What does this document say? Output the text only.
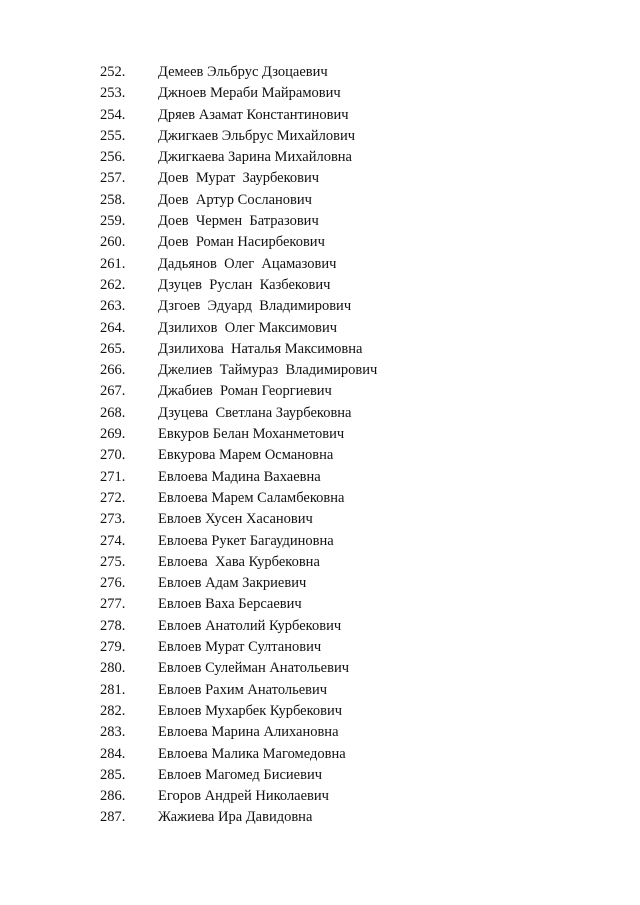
252.	Демеев Эльбрус Дзоцаевич
253.	Джноев Мераби Майрамович
254.	Дряев Азамат Константинович
255.	Джигкаев Эльбрус Михайлович
256.	Джигкаева Зарина Михайловна
257.	Доев  Мурат  Заурбекович
258.	Доев  Артур Сосланович
259.	Доев  Чермен  Батразович
260.	Доев  Роман Насирбекович
261.	Дадьянов  Олег  Ацамазович
262.	Дзуцев  Руслан  Казбекович
263.	Дзгоев  Эдуард  Владимирович
264.	Дзилихов  Олег Максимович
265.	Дзилихова  Наталья Максимовна
266.	Джелиев  Таймураз  Владимирович
267.	Джабиев  Роман Георгиевич
268.	Дзуцева  Светлана Заурбековна
269.	Евкуров Белан Моханметович
270.	Евкурова Марем Османовна
271.	Евлоева Мадина Вахаевна
272.	Евлоева Марем Саламбековна
273.	Евлоев Хусен Хасанович
274.	Евлоева Рукет Багаудиновна
275.	Евлоева  Хава Курбековна
276.	Евлоев Адам Закриевич
277.	Евлоев Ваха Берсаевич
278.	Евлоев Анатолий Курбекович
279.	Евлоев Мурат Султанович
280.	Евлоев Сулейман Анатольевич
281.	Евлоев Рахим Анатольевич
282.	Евлоев Мухарбек Курбекович
283.	Евлоева Марина Алихановна
284.	Евлоева Малика Магомедовна
285.	Евлоев Магомед Бисиевич
286.	Егоров Андрей Николаевич
287.	Жажиева Ира Давидовна
